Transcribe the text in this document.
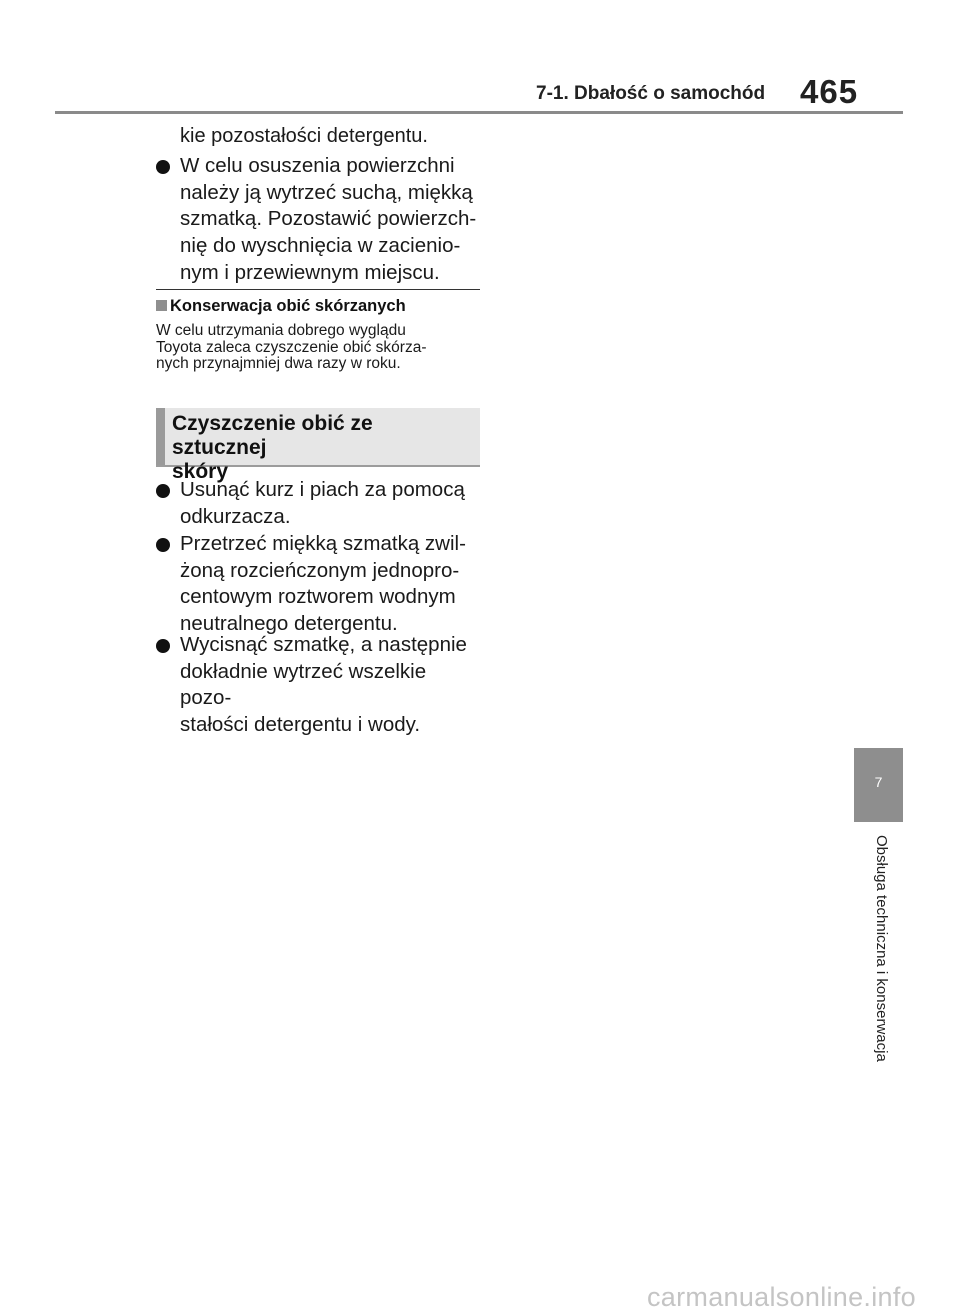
7-1. Dbałość o samochód 465
kie pozostałości detergentu.
W celu osuszenia powierzchni
należy ją wytrzeć suchą, miękką
szmatką. Pozostawić powierzch-
nię do wyschnięcia w zacienio-
nym i przewiewnym miejscu.
Konserwacja obić skórzanych
W celu utrzymania dobrego wyglądu
Toyota zaleca czyszczenie obić skórza-
nych przynajmniej dwa razy w roku.
Czyszczenie obić ze sztucznej
skóry
Usunąć kurz i piach za pomocą
odkurzacza.
Przetrzeć miękką szmatką zwil-
żoną rozcieńczonym jednopro-
centowym roztworem wodnym
neutralnego detergentu.
Wycisnąć szmatkę, a następnie
dokładnie wytrzeć wszelkie pozo-
stałości detergentu i wody.
7
Obsługa techniczna i konserwacja
carmanualsonline.info
